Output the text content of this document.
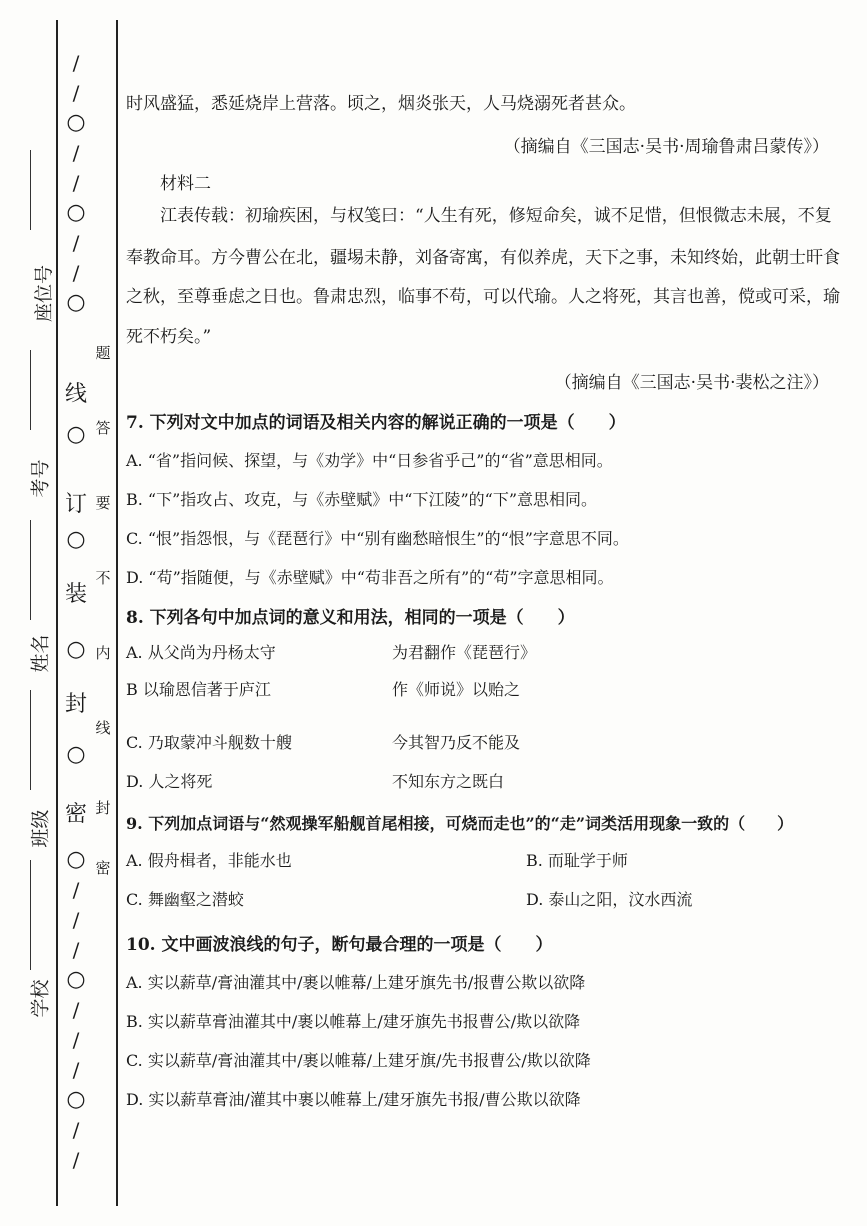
座位号
考号
姓名
班级
学校
/
/
○
/
/
○
/
/
○
线
○
订
○
装
○
封
○
密
○
/
/
/
○
/
/
/
○
/
/
题
答
要
不
内
线
封
密
时风盛猛，悉延烧岸上营落。顷之，烟炎张天，人马烧溺死者甚众。
（摘编自《三国志·吴书·周瑜鲁肃吕蒙传》）
材料二
江表传载：初瑜疾困，与权笺曰：“人生有死，修短命矣，诚不足惜，但恨微志未展，不复
奉教命耳。方今曹公在北，疆埸未静，刘备寄寓，有似养虎，天下之事，未知终始，此朝士旰食
之秋，至尊垂虑之日也。鲁肃忠烈，临事不苟，可以代瑜。人之将死，其言也善，傥或可采，瑜
死不朽矣。”
（摘编自《三国志·吴书·裴松之注》）
7. 下列对文中加点的词语及相关内容的解说正确的一项是（　　）
A. “省”指问候、探望，与《劝学》中“日参省乎己”的“省”意思相同。
B. “下”指攻占、攻克，与《赤壁赋》中“下江陵”的“下”意思相同。
C. “恨”指怨恨，与《琵琶行》中“别有幽愁暗恨生”的“恨”字意思不同。
D. “苟”指随便，与《赤壁赋》中“苟非吾之所有”的“苟”字意思相同。
8. 下列各句中加点词的意义和用法，相同的一项是（　　）
A. 从父尚为丹杨太守	为君翻作《琵琶行》
B 以瑜恩信著于庐江	作《师说》以贻之
C. 乃取蒙冲斗舰数十艘	今其智乃反不能及
D. 人之将死	不知东方之既白
9. 下列加点词语与“然观操军船舰首尾相接，可烧而走也”的“走”词类活用现象一致的（　　）
A. 假舟楫者，非能水也	B. 而耻学于师
C. 舞幽壑之潜蛟	D. 泰山之阳，汶水西流
10. 文中画波浪线的句子，断句最合理的一项是（　　）
A. 实以薪草/膏油灌其中/裹以帷幕/上建牙旗先书/报曹公欺以欲降
B. 实以薪草膏油灌其中/裹以帷幕上/建牙旗先书报曹公/欺以欲降
C. 实以薪草/膏油灌其中/裹以帷幕/上建牙旗/先书报曹公/欺以欲降
D. 实以薪草膏油/灌其中裹以帷幕上/建牙旗先书报/曹公欺以欲降
